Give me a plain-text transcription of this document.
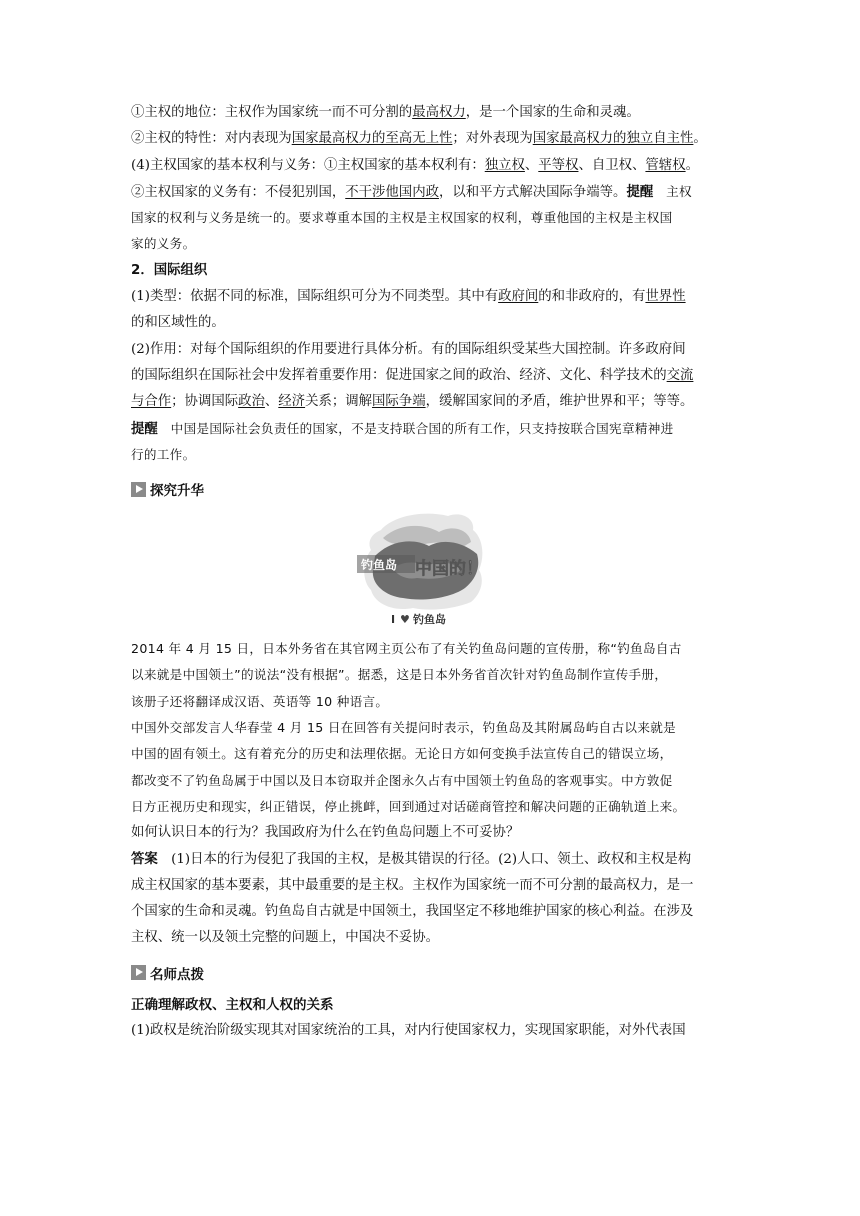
①主权的地位：主权作为国家统一而不可分割的最高权力，是一个国家的生命和灵魂。
②主权的特性：对内表现为国家最高权力的至高无上性；对外表现为国家最高权力的独立自主性。
(4)主权国家的基本权利与义务：①主权国家的基本权利有：独立权、平等权、自卫权、管辖权。
②主权国家的义务有：不侵犯别国，不干涉他国内政，以和平方式解决国际争端等。提醒　主权
国家的权利与义务是统一的。要求尊重本国的主权是主权国家的权利，尊重他国的主权是主权国
家的义务。
2．国际组织
(1)类型：依据不同的标准，国际组织可分为不同类型。其中有政府间的和非政府的，有世界性
的和区域性的。
(2)作用：对每个国际组织的作用要进行具体分析。有的国际组织受某些大国控制。许多政府间
的国际组织在国际社会中发挥着重要作用：促进国家之间的政治、经济、文化、科学技术的交流
与合作；协调国际政治、经济关系；调解国际争端，缓解国家间的矛盾，维护世界和平；等等。
提醒　中国是国际社会负责任的国家，不是支持联合国的所有工作，只支持按联合国宪章精神进
行的工作。
探究升华
钓鱼岛 中国的！
I ♥ 钓鱼岛
2014 年 4 月 15 日，日本外务省在其官网主页公布了有关钓鱼岛问题的宣传册，称“钓鱼岛自古
以来就是中国领土”的说法“没有根据”。据悉，这是日本外务省首次针对钓鱼岛制作宣传手册，
该册子还将翻译成汉语、英语等 10 种语言。
中国外交部发言人华春莹 4 月 15 日在回答有关提问时表示，钓鱼岛及其附属岛屿自古以来就是
中国的固有领土。这有着充分的历史和法理依据。无论日方如何变换手法宣传自己的错误立场，
都改变不了钓鱼岛属于中国以及日本窃取并企图永久占有中国领土钓鱼岛的客观事实。中方敦促
日方正视历史和现实，纠正错误，停止挑衅，回到通过对话磋商管控和解决问题的正确轨道上来。
如何认识日本的行为？我国政府为什么在钓鱼岛问题上不可妥协？
答案　(1)日本的行为侵犯了我国的主权，是极其错误的行径。(2)人口、领土、政权和主权是构
成主权国家的基本要素，其中最重要的是主权。主权作为国家统一而不可分割的最高权力，是一
个国家的生命和灵魂。钓鱼岛自古就是中国领土，我国坚定不移地维护国家的核心利益。在涉及
主权、统一以及领土完整的问题上，中国决不妥协。
名师点拨
正确理解政权、主权和人权的关系
(1)政权是统治阶级实现其对国家统治的工具，对内行使国家权力，实现国家职能，对外代表国
